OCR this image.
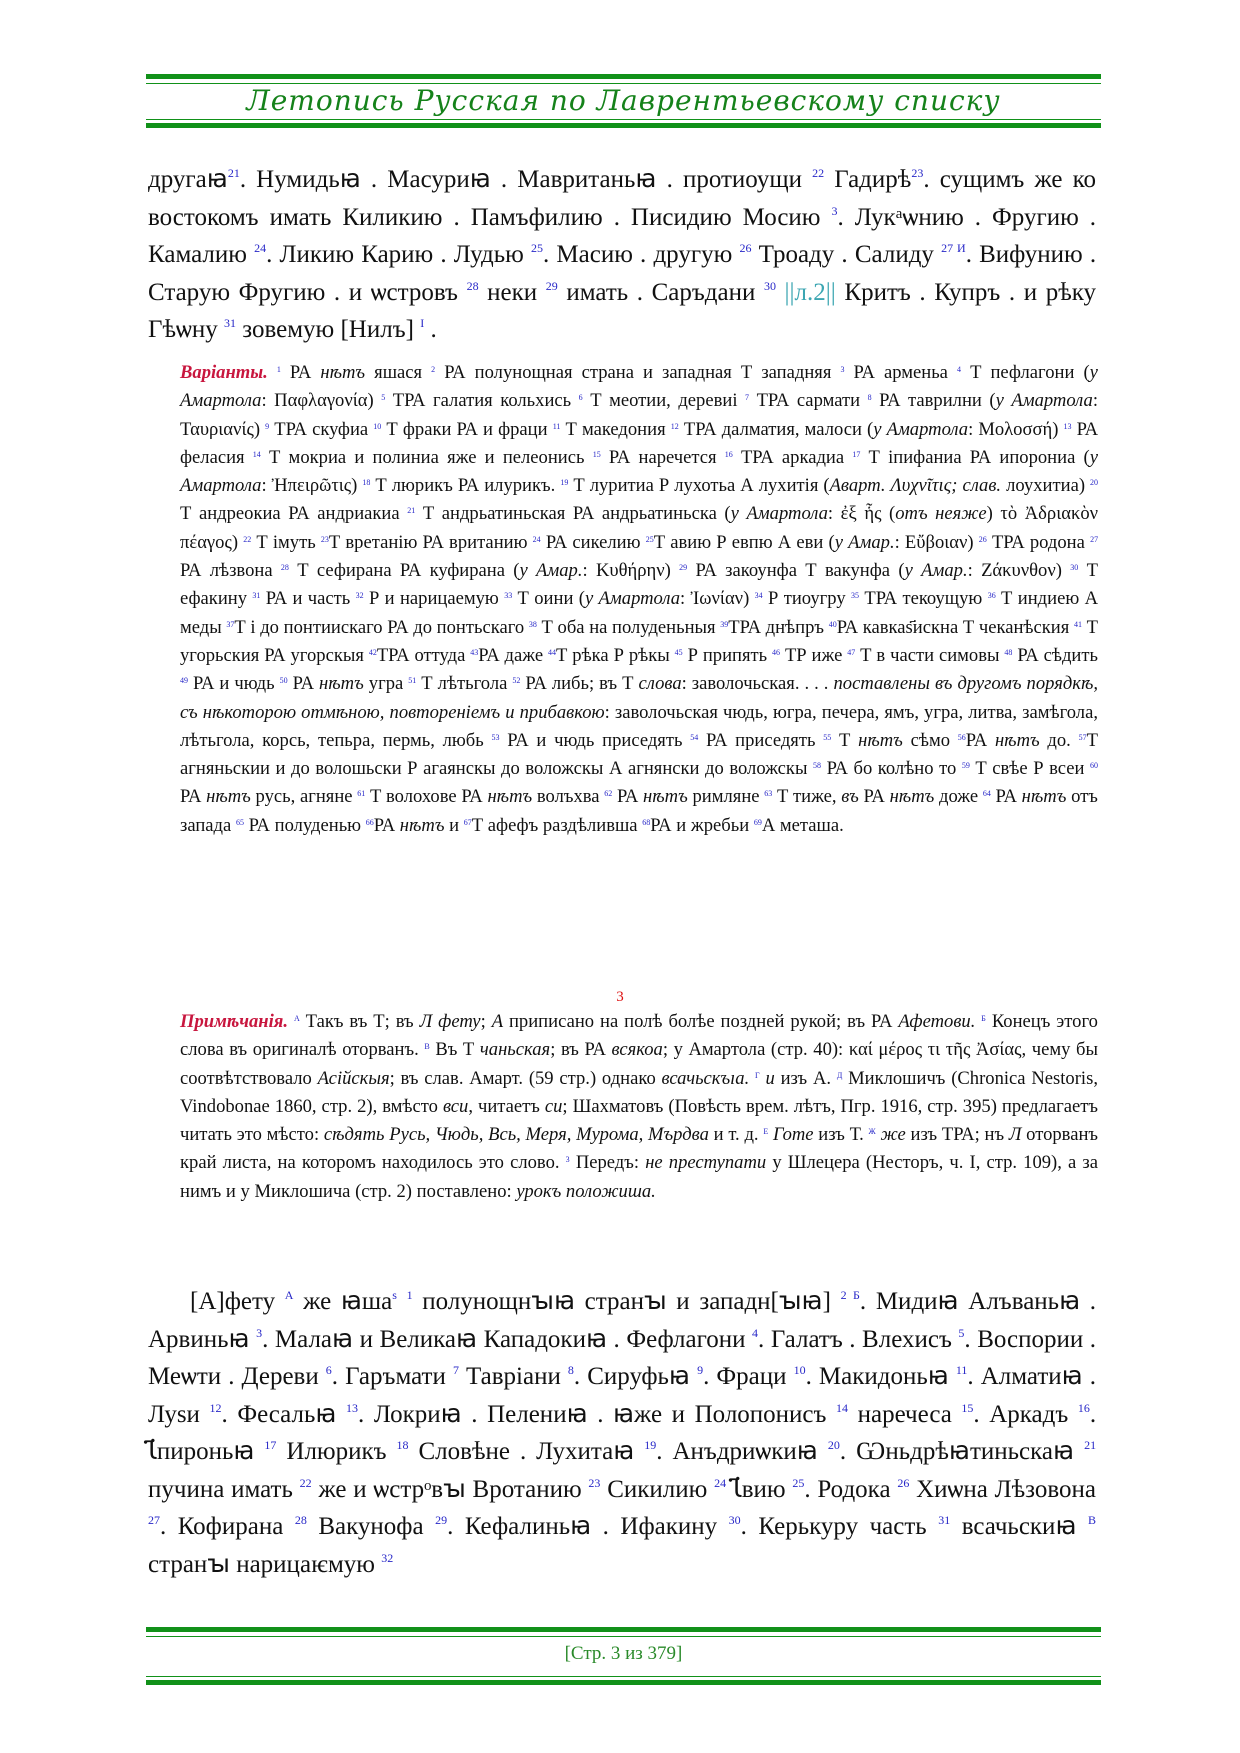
Летопись Русская по Лаврентьевскому списку
другаꙗ$^{21}$. Нумидьꙗ . Масуриꙗ . Мавританьꙗ . протиоущи $^{22}$ Гадирѣ$^{23}$. сущимъ же ко востокомъ имать Киликию . Памъфилию . Писидию Мосию $^3$. Лукᵃѡнию . Фругию . Камалию $^{24}$. Ликию Карию . Лудью $^{25}$. Масию . другую $^{26}$ Троаду . Салиду $^{27 И}$. Вифунию . Старую Фругию . и ѡстровъ $^{28}$ неки $^{29}$ имать . Саръдани $^{30}$ ||л.2|| Критъ . Купръ . и рѣку Гѣѡну $^{31}$ зовемую [Нилъ] $^I$ .
Варіанты. $^1$ РА нѣтъ яшася $^2$ РА полунощная страна и западная Т западняя $^3$ РА арменьа $^4$ Т пефлагони (у Амартола: Παφλαγονία) $^5$ ТРА галатия кольхись $^6$ Т меотии, деревиі $^7$ ТРА сармати $^8$ РА таврилни (у Амартола: Ταυριανίς) $^9$ ТРА скуфиа $^{10}$ Т фраки РА и фраци $^{11}$ Т македония $^{12}$ ТРА далматия, малоси (у Амартола: Μολοσσή) $^{13}$ РА феласия $^{14}$ Т мокриа и полиниа яже и пелеонись $^{15}$ РА наречется $^{16}$ ТРА аркадиа $^{17}$ Т іпифаниа РА ипорониа (у Амартола: Ἠπειρῶτις) $^{18}$ Т люрикъ РА илурикъ. $^{19}$ Т луритиа Р лухотьа А лухитія (Аварт. Λυχνῖτις; слав. лоухитиа) $^{20}$ Т андреокиа РА андриакиа $^{21}$ Т андрьатиньская РА андрьатиньска (у Амартола: ἐξ ἧς (отъ неяже) τὸ Ἀδριακὸν πέαγος) $^{22}$ Т імуть $^{23}$Т вретанію РА вританию $^{24}$ РА сикелию $^{25}$Т авию Р евпю А еви (у Амар.: Εὔβοιαν) $^{26}$ ТРА родона $^{27}$ РА лѣзвона $^{28}$ Т сефирана РА куфирана (у Амар.: Κυθήρην) $^{29}$ РА закоунфа Т вакунфа (у Амар.: Ζάκυνθον) $^{30}$ Т ефакину $^{31}$ РА и часть $^{32}$ Р и нарицаемую $^{33}$ Т оини (у Амартола: Ἰωνίαν) $^{34}$ Р тиоугру $^{35}$ ТРА текоущую $^{36}$ Т индиею А меды $^{37}$Т і до понтиискаго РА до понтьскаго $^{38}$ Т оба на полуденьныя $^{39}$ТРА днѣпръ $^{40}$РА кавкаѕ҃искна Т чеканѣския $^{41}$ Т угорьския РА угорскыя $^{42}$ТРА оттуда $^{43}$РА даже $^{44}$Т рѣка Р рѣкы $^{45}$ Р припять $^{46}$ ТР иже $^{47}$ Т в части симовы $^{48}$ РА сѣдить $^{49}$ РА и чюдь $^{50}$ РА нѣтъ угра $^{51}$ Т лѣтьгола $^{52}$ РА либь; въ Т слова: заволочьская. . . . поставлены въ другомъ порядкѣ, съ нѣкоторою отмѣною, повтореніемъ и прибавкою: заволочьская чюдь, югра, печера, ямъ, угра, литва, замѣгола, лѣтьгола, корсь, тепьра, пермь, любь $^{53}$ РА и чюдь приседять $^{54}$ РА приседять $^{55}$ Т нѣтъ сѣмо $^{56}$РА нѣтъ до. $^{57}$Т агняньскии и до волошьски Р агаянскы до воложскы А агнянски до воложскы $^{58}$ РА бо колѣно то $^{59}$ Т свѣе Р всеи $^{60}$ РА нѣтъ русь, агняне $^{61}$ Т волохове РА нѣтъ волъхва $^{62}$ РА нѣтъ римляне $^{63}$ Т тиже, въ РА нѣтъ доже $^{64}$ РА нѣтъ отъ запада $^{65}$ РА полуденью $^{66}$РА нѣтъ и $^{67}$Т афефъ раздѣливша $^{68}$РА и жребьи $^{69}$А меташа.
3
Примѣчанія. $^А$ Такъ въ Т; въ Л фету; А приписано на полѣ болѣе поздней рукой; въ РА Афетови. $^Б$ Конецъ этого слова въ оригиналѣ оторванъ. $^В$ Въ Т чаньская; въ РА всякоа; у Амартола (стр. 40): καί μέρος τι τῆς Ἀσίας, чему бы соотвѣтствовало Асійскыя; въ слав. Амарт. (59 стр.) однако всачьскъıа. $^Г$ и изъ А. $^Д$ Миклошичъ (Chronica Nestoris, Vindobonae 1860, стр. 2), вмѣсто вси, читаетъ си; Шахматовъ (Повѣсть врем. лѣтъ, Пгр. 1916, стр. 395) предлагаетъ читать это мѣсто: сѣдять Русь, Чюдь, Всь, Меря, Мурома, Мърдва и т. д. $^Е$ Готе изъ Т. $^Ж$ же изъ ТРА; нъ Л оторванъ край листа, на которомъ находилось это слово. $^3$ Передъ: не преступати у Шлецера (Несторъ, ч. I, стр. 109), а за нимъ и у Миклошича (стр. 2) поставлено: урокъ положиша.
[А]фету $^А$ же ꙗша$^ѕ$ $^1$ полунощнꙑꙗ странꙑ и западн[ꙑꙗ] $^{2 Б}$. Мидиꙗ Алъваньꙗ . Арвиньꙗ $^3$. Малаꙗ и Великаꙗ Кападокиꙗ . Фефлагони $^4$. Галатъ . Влехисъ $^5$. Воспории . Меѡти . Дереви $^6$. Гаръмати $^7$ Тавріани $^8$. Сируфьꙗ $^9$. Фраци $^{10}$. Макидоньꙗ $^{11}$. Алматиꙗ . Луѕи $^{12}$. Фесальꙗ $^{13}$. Локриꙗ . Пелениꙗ . ꙗже и Полопонисъ $^{14}$ наречеса $^{15}$. Аркадъ $^{16}$. Ꙇ҃пироньꙗ $^{17}$ Илюрикъ $^{18}$ Словѣне . Лухитаꙗ $^{19}$. Анъдриѡкиꙗ $^{20}$. Ѡньдрѣꙗтиньскаꙗ $^{21}$ пучина имать $^{22}$ же и ѡстрᵒвꙑ Вротанию $^{23}$ Сикилию $^{24}$ Ꙇ҃вию $^{25}$. Родока $^{26}$ Хиѡна Лѣзовона $^{27}$. Кофирана $^{28}$ Вакунофа $^{29}$. Кефалиньꙗ . Ифакину $^{30}$. Керькуру часть $^{31}$ всачьскиꙗ $^В$ странꙑ нарицаѥмую $^{32}$
[Стр. 3 из 379]
